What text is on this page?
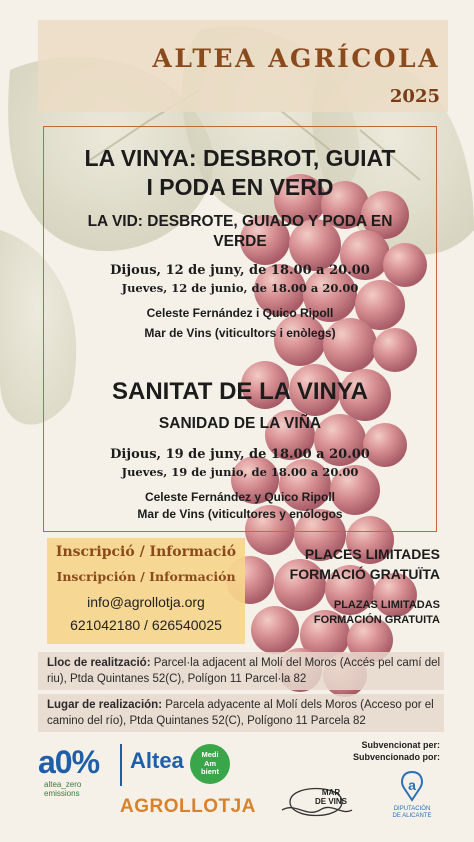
ALTEA AGRÍCOLA
2025
LA VINYA: DESBROT, GUIAT
I PODA EN VERD
LA VID: DESBROTE, GUIADO Y PODA EN
VERDE
Dijous, 12 de juny, de 18.00 a 20.00
Jueves, 12 de junio, de 18.00 a 20.00
Celeste Fernández i Quico Ripoll
Mar de Vins (viticultors i enòlegs)
SANITAT DE LA VINYA
SANIDAD DE LA VIÑA
Dijous, 19 de juny, de 18.00 a 20.00
Jueves, 19 de junio, de 18.00 a 20.00
Celeste Fernández y Quico Ripoll
Mar de Vins (viticultores y enólogos
Inscripció / Informació
Inscripción / Información
info@agrollotja.org
621042180 / 626540025
PLACES LIMITADES
FORMACIÓ GRATUÏTA
PLAZAS LIMITADAS
FORMACIÓN GRATUITA
Lloc de realització: Parcel·la adjacent al Molí del Moros (Accés pel camí del riu), Ptda Quintanes 52(C), Polígon 11 Parcel·la 82
Lugar de realización: Parcela adyacente al Molí dels Moros (Acceso por el camino del río), Ptda Quintanes 52(C), Polígono 11 Parcela 82
Subvencionat per:
Subvencionado por:
a0%
altea_zero
emissions
Altea	Medi
Am
bient
AGROLLOTJA
MAR
DE VINS
a
DIPUTACIÓN
DE ALICANTE
